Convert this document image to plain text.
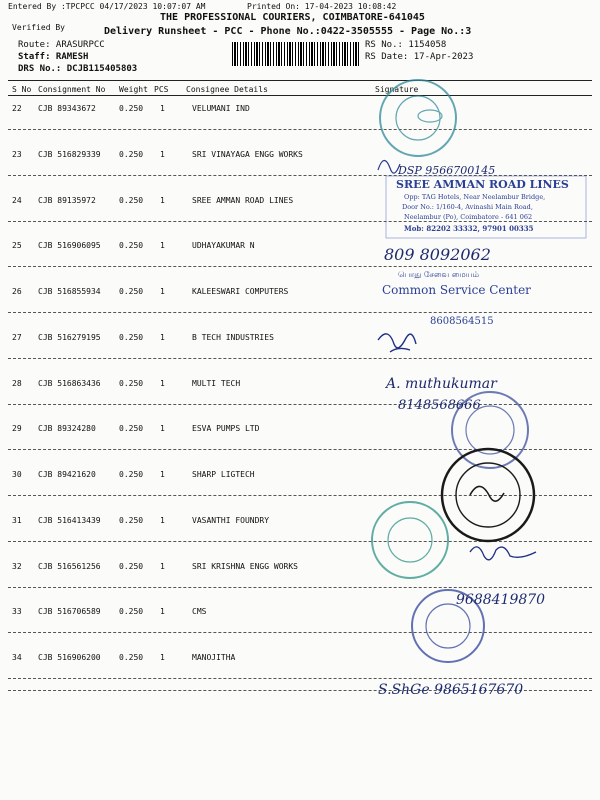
Entered By :TPCPCC 04/17/2023 10:07:07 AM	Printed On: 17-04-2023 10:08:42
THE PROFESSIONAL COURIERS, COIMBATORE-641045
Verified By	Delivery Runsheet - PCC - Phone No.:0422-3505555 - Page No.:3
Route: ARASURPCC
Staff: RAMESH
DRS No.: DCJB115405803
RS No.: 1154058
RS Date: 17-Apr-2023
S No Consignment No Weight PCS Consignee Details	Signature
22 CJB 89343672	0.250 1	VELUMANI IND
23 CJB 516829339 0.250 1	SRI VINAYAGA ENGG WORKS
24 CJB 89135972	0.250 1	SREE AMMAN ROAD LINES
25 CJB 516906095 0.250 1	UDHAYAKUMAR N
26 CJB 516855934 0.250 1	KALEESWARI COMPUTERS
27 CJB 516279195 0.250 1	B TECH INDUSTRIES
28 CJB 516863436 0.250 1	MULTI TECH
29 CJB 89324280	0.250 1	ESVA PUMPS LTD
30 CJB 89421620	0.250 1	SHARP LIGTECH
31 CJB 516413439 0.250 1	VASANTHI FOUNDRY
32 CJB 516561256 0.250 1	SRI KRISHNA ENGG WORKS
33 CJB 516706589 0.250 1	CMS
34 CJB 516906200 0.250 1	MANOJITHA
SREE AMMAN ROAD LINES
Opp: TAG Hotels, Near Neelambur Bridge,
Door No.: 1/160-4, Avinashi Main Road,
Neelambur (Po), Coimbatore - 641 062
Mob: 82202 33332, 97901 00335
பொது சேவை மையம்
Common Service Center
8608564515
DSP 9566700145
809 8092062
A. muthukumar
8148568666
9688419870
S.ShGe 9865167670
